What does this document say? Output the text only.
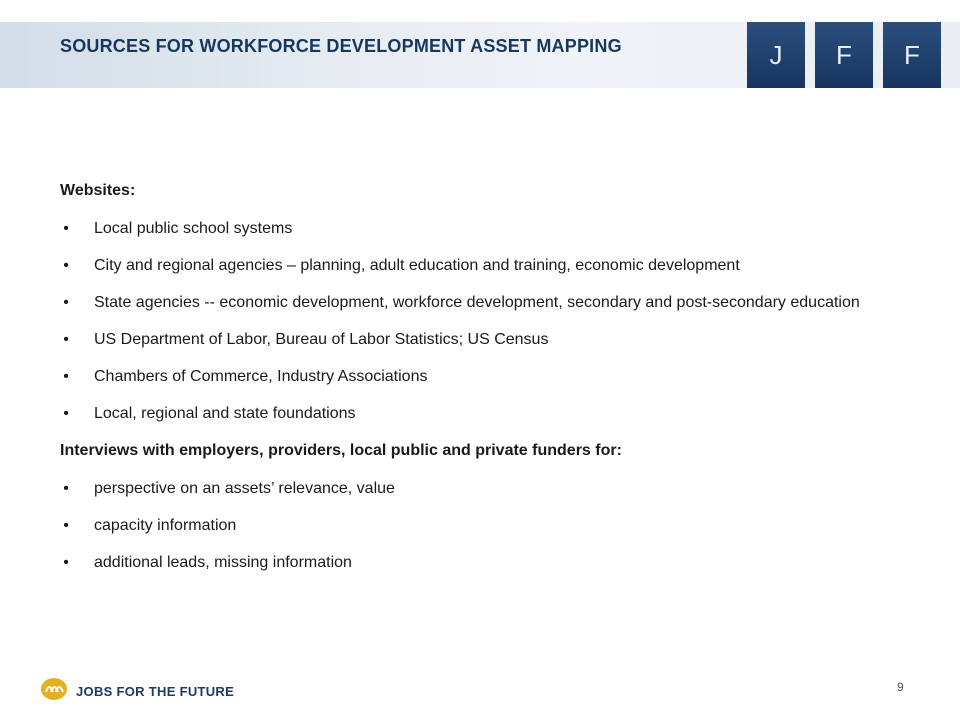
SOURCES FOR WORKFORCE DEVELOPMENT ASSET MAPPING	J	F	F
Websites:
• Local public school systems
• City and regional agencies – planning, adult education and training, economic development
• State agencies -- economic development, workforce development, secondary and post-secondary education
• US Department of Labor, Bureau of Labor Statistics; US Census
• Chambers of Commerce, Industry Associations
• Local, regional and state foundations
Interviews with employers, providers, local public and private funders for:
• perspective on an assets’ relevance, value
• capacity information
• additional leads, missing information
JOBS FOR THE FUTURE	9
